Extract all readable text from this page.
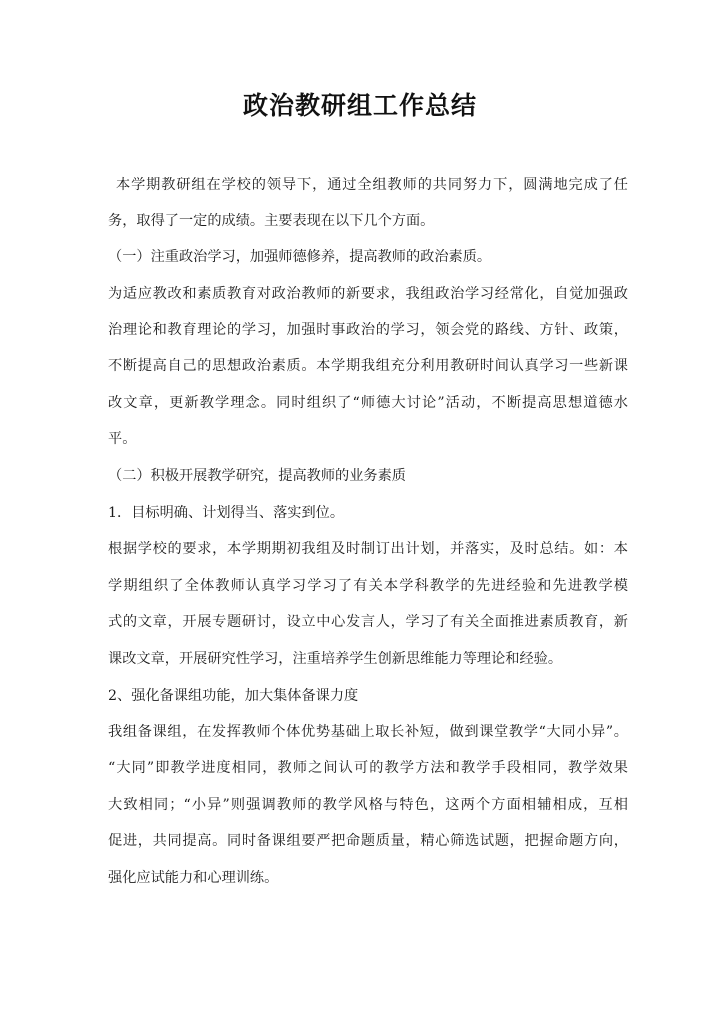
政治教研组工作总结
本学期教研组在学校的领导下，通过全组教师的共同努力下，圆满地完成了任
务，取得了一定的成绩。主要表现在以下几个方面。
（一）注重政治学习，加强师德修养，提高教师的政治素质。
为适应教改和素质教育对政治教师的新要求，我组政治学习经常化，自觉加强政
治理论和教育理论的学习，加强时事政治的学习，领会党的路线、方针、政策，
不断提高自己的思想政治素质。本学期我组充分利用教研时间认真学习一些新课
改文章，更新教学理念。同时组织了“师德大讨论”活动，不断提高思想道德水
平。
（二）积极开展教学研究，提高教师的业务素质
1．目标明确、计划得当、落实到位。
根据学校的要求，本学期期初我组及时制订出计划，并落实，及时总结。如：本
学期组织了全体教师认真学习学习了有关本学科教学的先进经验和先进教学模
式的文章，开展专题研讨，设立中心发言人，学习了有关全面推进素质教育，新
课改文章，开展研究性学习，注重培养学生创新思维能力等理论和经验。
2、强化备课组功能，加大集体备课力度
我组备课组，在发挥教师个体优势基础上取长补短，做到课堂教学“大同小异”。
“大同”即教学进度相同，教师之间认可的教学方法和教学手段相同，教学效果
大致相同；“小异”则强调教师的教学风格与特色，这两个方面相辅相成，互相
促进，共同提高。同时备课组要严把命题质量，精心筛选试题，把握命题方向，
强化应试能力和心理训练。
